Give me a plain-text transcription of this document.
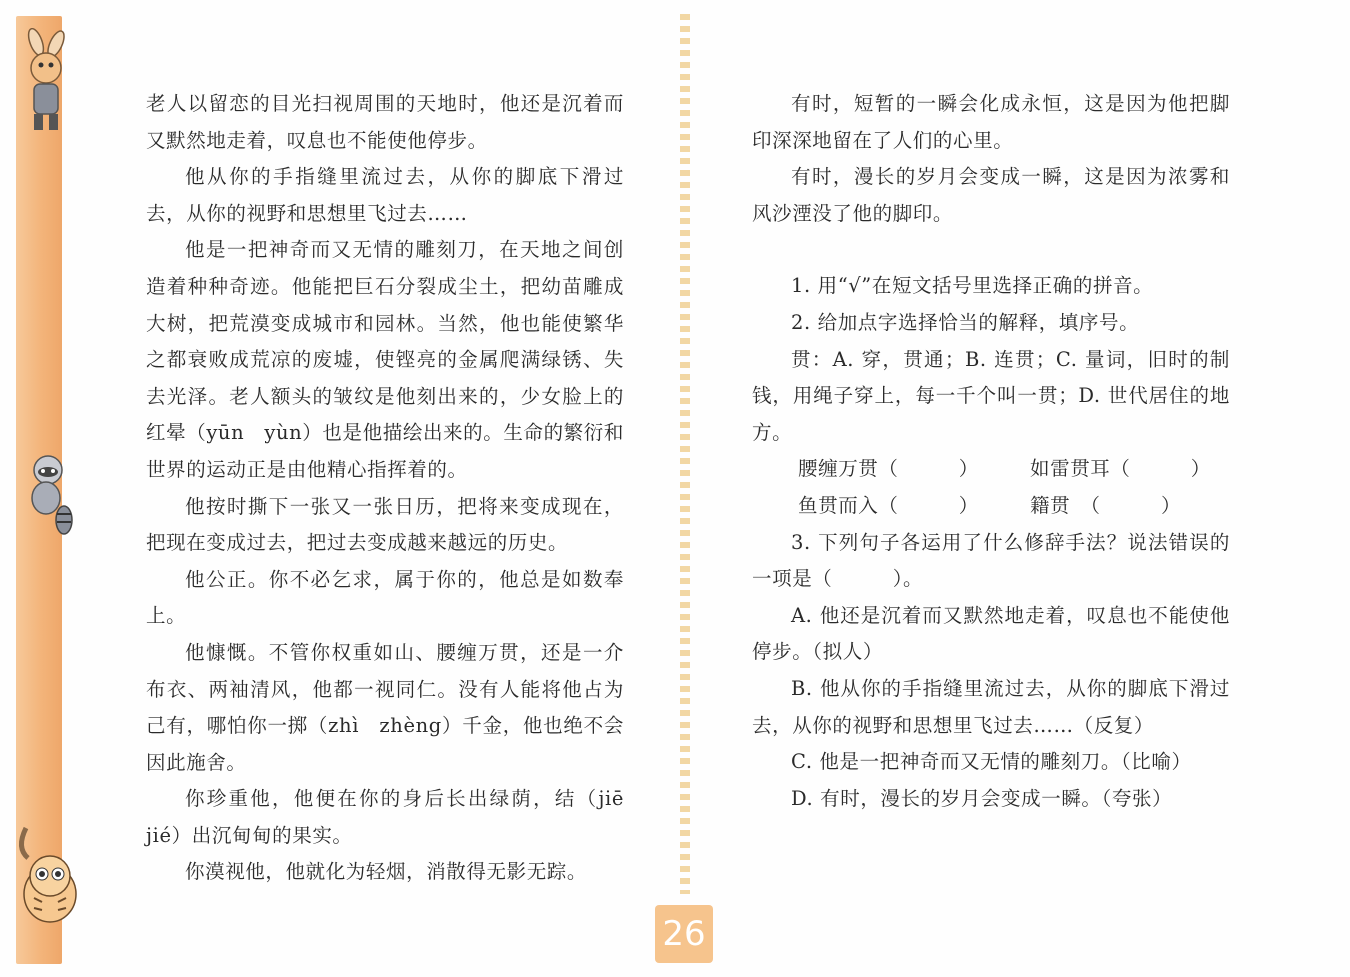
老人以留恋的目光扫视周围的天地时，他还是沉着而又默然地走着，叹息也不能使他停步。

他从你的手指缝里流过去，从你的脚底下滑过去，从你的视野和思想里飞过去……

他是一把神奇而又无情的雕刻刀，在天地之间创造着种种奇迹。他能把巨石分裂成尘土，把幼苗雕成大树，把荒漠变成城市和园林。当然，他也能使繁华之都衰败成荒凉的废墟，使铿亮的金属爬满绿锈、失去光泽。老人额头的皱纹是他刻出来的，少女脸上的红晕（yūn　yùn）也是他描绘出来的。生命的繁衍和世界的运动正是由他精心指挥着的。

他按时撕下一张又一张日历，把将来变成现在，把现在变成过去，把过去变成越来越远的历史。

他公正。你不必乞求，属于你的，他总是如数奉上。

他慷慨。不管你权重如山、腰缠万贯，还是一介布衣、两袖清风，他都一视同仁。没有人能将他占为己有，哪怕你一掷（zhì　zhèng）千金，他也绝不会因此施舍。

你珍重他，他便在你的身后长出绿荫，结（jiē　jié）出沉甸甸的果实。

你漠视他，他就化为轻烟，消散得无影无踪。

有时，短暂的一瞬会化成永恒，这是因为他把脚印深深地留在了人们的心里。

有时，漫长的岁月会变成一瞬，这是因为浓雾和风沙湮没了他的脚印。

1. 用“√”在短文括号里选择正确的拼音。

2. 给加点字选择恰当的解释，填序号。

贯：A. 穿，贯通；B. 连贯；C. 量词，旧时的制钱，用绳子穿上，每一千个叫一贯；D. 世代居住的地方。

腰缠万贯（　　　）	如雷贯耳（　　　）
鱼贯而入（　　　）	籍贯　（　　　）

3. 下列句子各运用了什么修辞手法？说法错误的一项是（　　　）。

A. 他还是沉着而又默然地走着，叹息也不能使他停步。（拟人）

B. 他从你的手指缝里流过去，从你的脚底下滑过去，从你的视野和思想里飞过去……（反复）

C. 他是一把神奇而又无情的雕刻刀。（比喻）

D. 有时，漫长的岁月会变成一瞬。（夸张）

26
